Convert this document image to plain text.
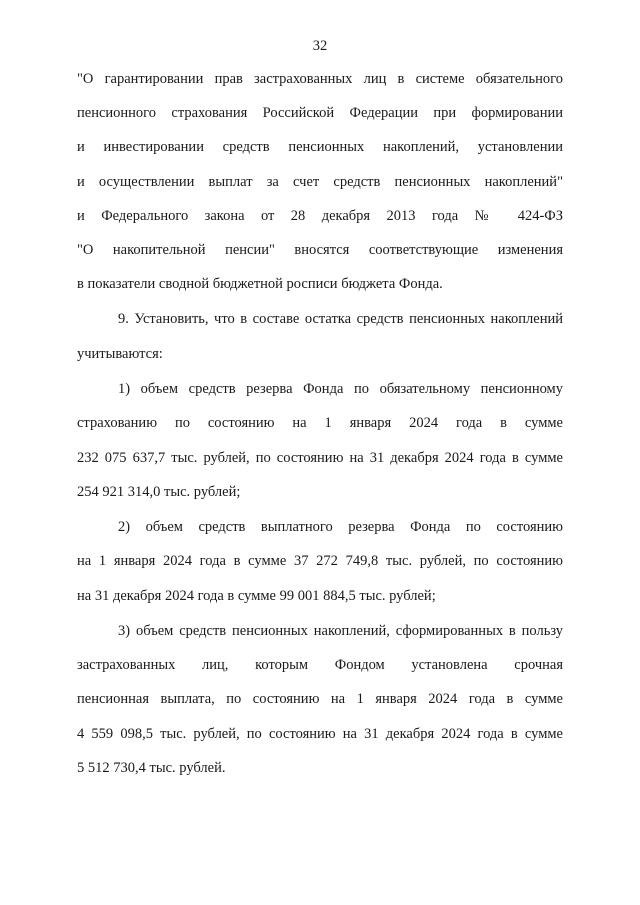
32
"О гарантировании прав застрахованных лиц в системе обязательного
пенсионного страхования Российской Федерации при формировании
и инвестировании средств пенсионных накоплений, установлении
и осуществлении выплат за счет средств пенсионных накоплений"
и Федерального закона от 28 декабря 2013 года № 424-ФЗ
"О накопительной пенсии" вносятся соответствующие изменения
в показатели сводной бюджетной росписи бюджета Фонда.
9. Установить, что в составе остатка средств пенсионных накоплений
учитываются:
1) объем средств резерва Фонда по обязательному пенсионному
страхованию по состоянию на 1 января 2024 года в сумме
232 075 637,7 тыс. рублей, по состоянию на 31 декабря 2024 года в сумме
254 921 314,0 тыс. рублей;
2) объем средств выплатного резерва Фонда по состоянию
на 1 января 2024 года в сумме 37 272 749,8 тыс. рублей, по состоянию
на 31 декабря 2024 года в сумме 99 001 884,5 тыс. рублей;
3) объем средств пенсионных накоплений, сформированных в пользу
застрахованных лиц, которым Фондом установлена срочная
пенсионная выплата, по состоянию на 1 января 2024 года в сумме
4 559 098,5 тыс. рублей, по состоянию на 31 декабря 2024 года в сумме
5 512 730,4 тыс. рублей.
